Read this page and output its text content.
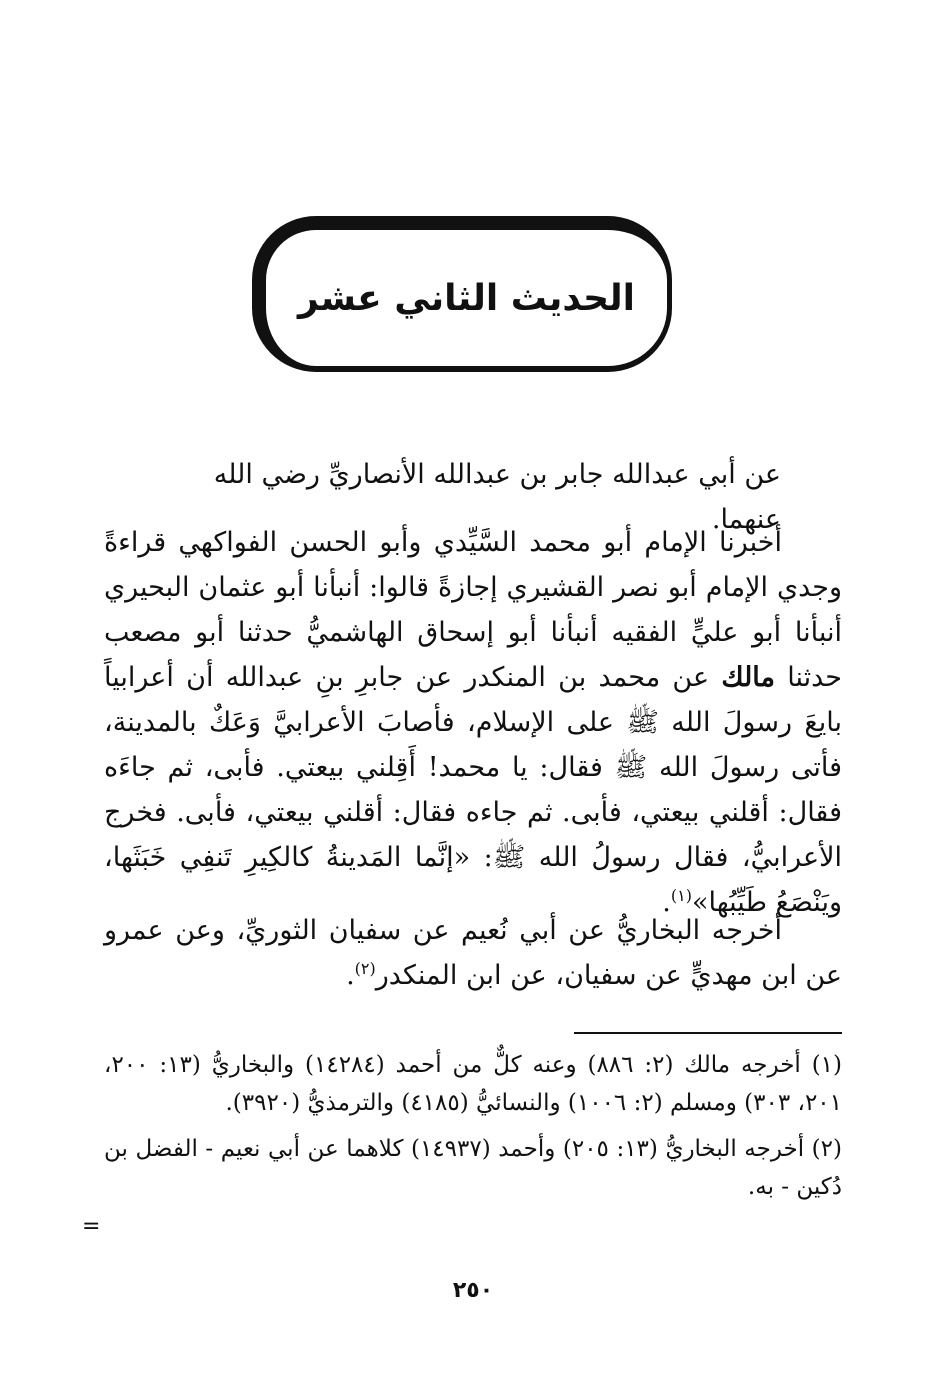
الحديث الثاني عشر
عن أبي عبدالله جابر بن عبدالله الأنصاريِّ رضي الله عنهما.
أخبرنا الإمام أبو محمد السَّيِّدي وأبو الحسن الفواكهي قراءةً وجدي الإمام أبو نصر القشيري إجازةً قالوا: أنبأنا أبو عثمان البحيري أنبأنا أبو عليٍّ الفقيه أنبأنا أبو إسحاق الهاشميُّ حدثنا أبو مصعب حدثنا مالك عن محمد بن المنكدر عن جابرِ بنِ عبدالله أن أعرابياً بايعَ رسولَ الله ﷺ على الإسلام، فأصابَ الأعرابيَّ وَعَكٌ بالمدينة، فأتى رسولَ الله ﷺ فقال: يا محمد! أَقِلني بيعتي. فأبى، ثم جاءَه فقال: أقلني بيعتي، فأبى. ثم جاءه فقال: أقلني بيعتي، فأبى. فخرج الأعرابيُّ، فقال رسولُ الله ﷺ: «إنَّما المَدينةُ كالكِيرِ تَنفِي خَبَثَها، ويَنْصَعُ طَيِّبُها»$^{(١)}$.
أخرجه البخاريُّ عن أبي نُعيم عن سفيان الثوريِّ، وعن عمرو عن ابن مهديٍّ عن سفيان، عن ابن المنكدر$^{(٢)}$.
(١) أخرجه مالك (٢: ٨٨٦) وعنه كلٌّ من أحمد (١٤٢٨٤) والبخاريُّ (١٣: ٢٠٠، ٢٠١، ٣٠٣) ومسلم (٢: ١٠٠٦) والنسائيُّ (٤١٨٥) والترمذيُّ (٣٩٢٠).
(٢) أخرجه البخاريُّ (١٣: ٢٠٥) وأحمد (١٤٩٣٧) كلاهما عن أبي نعيم - الفضل بن دُكين - به.
=
٢٥٠
